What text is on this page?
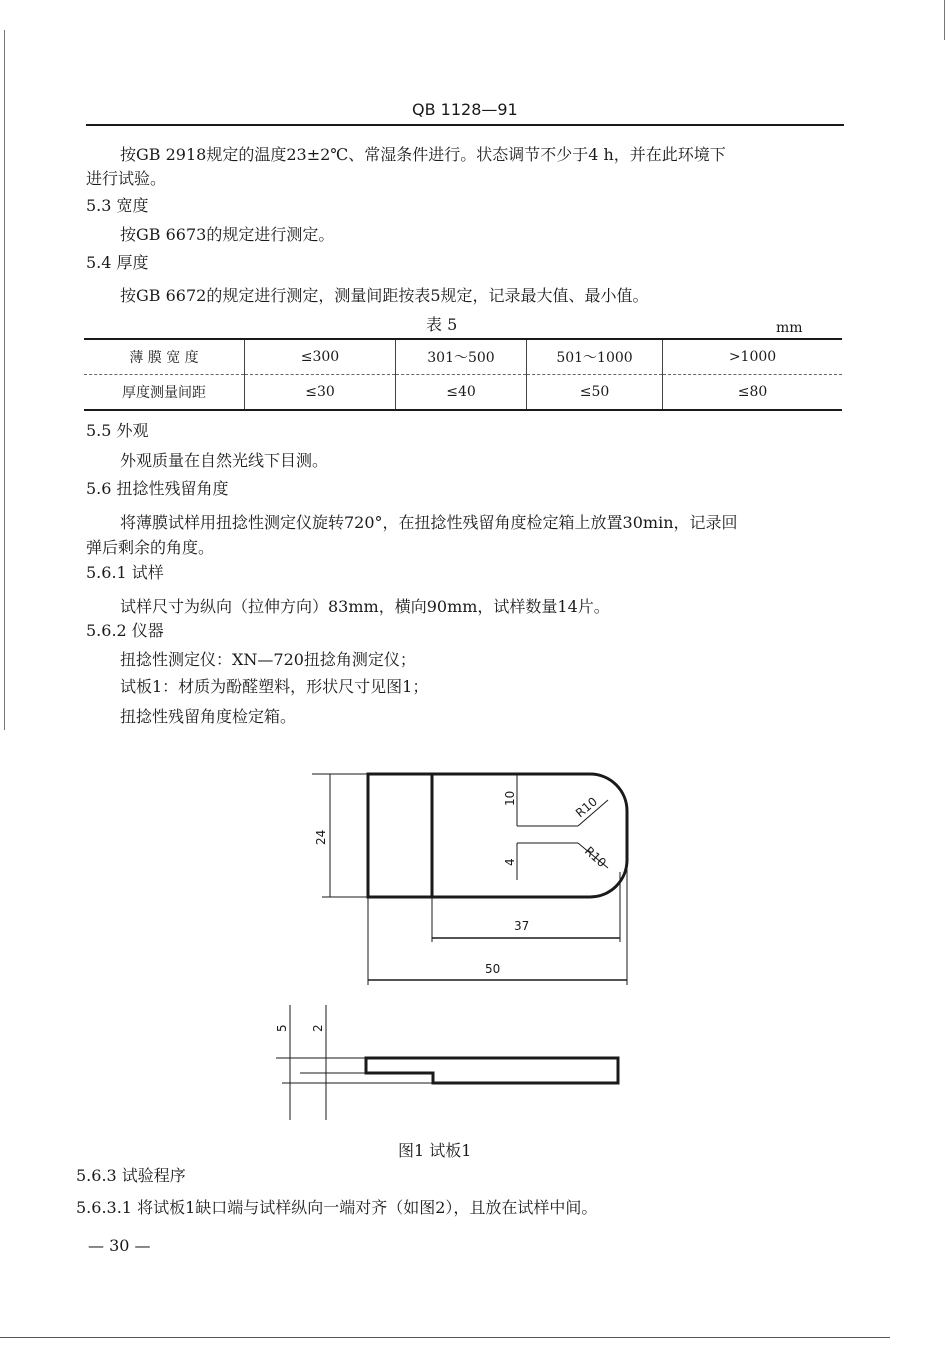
QB 1128—91
按GB 2918规定的温度23±2℃、常湿条件进行。状态调节不少于4 h，并在此环境下
进行试验。
5.3 宽度
按GB 6673的规定进行测定。
5.4 厚度
按GB 6672的规定进行测定，测量间距按表5规定，记录最大值、最小值。
表 5	mm
薄 膜 宽 度	≤300	301～500	501～1000	>1000
厚度测量间距	≤30	≤40	≤50	≤80
5.5 外观
外观质量在自然光线下目测。
5.6 扭捻性残留角度
将薄膜试样用扭捻性测定仪旋转720°，在扭捻性残留角度检定箱上放置30min，记录回
弹后剩余的角度。
5.6.1 试样
试样尺寸为纵向（拉伸方向）83mm，横向90mm，试样数量14片。
5.6.2 仪器
扭捻性测定仪：XN—720扭捻角测定仪；
试板1：材质为酚醛塑料，形状尺寸见图1；
扭捻性残留角度检定箱。
24
10
4
R10
R10
37
50
5 2
图1 试板1
5.6.3 试验程序
5.6.3.1 将试板1缺口端与试样纵向一端对齐（如图2），且放在试样中间。
— 30 —
